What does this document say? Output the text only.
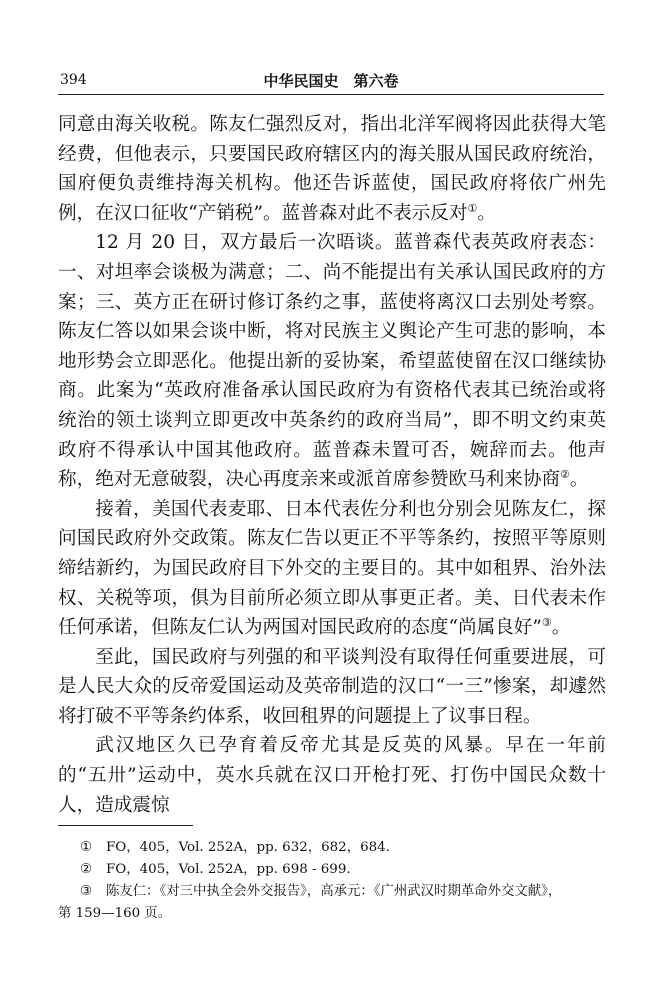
394	中华民国史　第六卷

同意由海关收税。陈友仁强烈反对，指出北洋军阀将因此获得大笔经费，但他表示，只要国民政府辖区内的海关服从国民政府统治，国府便负责维持海关机构。他还告诉蓝使，国民政府将依广州先例，在汉口征收“产销税”。蓝普森对此不表示反对①。

12 月 20 日，双方最后一次晤谈。蓝普森代表英政府表态：一、对坦率会谈极为满意；二、尚不能提出有关承认国民政府的方案；三、英方正在研讨修订条约之事，蓝使将离汉口去别处考察。陈友仁答以如果会谈中断，将对民族主义舆论产生可悲的影响，本地形势会立即恶化。他提出新的妥协案，希望蓝使留在汉口继续协商。此案为“英政府准备承认国民政府为有资格代表其已统治或将统治的领土谈判立即更改中英条约的政府当局”，即不明文约束英政府不得承认中国其他政府。蓝普森未置可否，婉辞而去。他声称，绝对无意破裂，决心再度亲来或派首席参赞欧马利来协商②。

接着，美国代表麦耶、日本代表佐分利也分别会见陈友仁，探问国民政府外交政策。陈友仁告以更正不平等条约，按照平等原则缔结新约，为国民政府目下外交的主要目的。其中如租界、治外法权、关税等项，俱为目前所必须立即从事更正者。美、日代表未作任何承诺，但陈友仁认为两国对国民政府的态度“尚属良好”③。

至此，国民政府与列强的和平谈判没有取得任何重要进展，可是人民大众的反帝爱国运动及英帝制造的汉口“一三”惨案，却遽然将打破不平等条约体系，收回租界的问题提上了议事日程。

武汉地区久已孕育着反帝尤其是反英的风暴。早在一年前的“五卅”运动中，英水兵就在汉口开枪打死、打伤中国民众数十人，造成震惊

① FO，405，Vol. 252A，pp. 632，682，684.

② FO，405，Vol. 252A，pp. 698 - 699.

③ 陈友仁：《对三中执全会外交报告》，高承元：《广州武汉时期革命外交文献》，

第 159—160 页。
